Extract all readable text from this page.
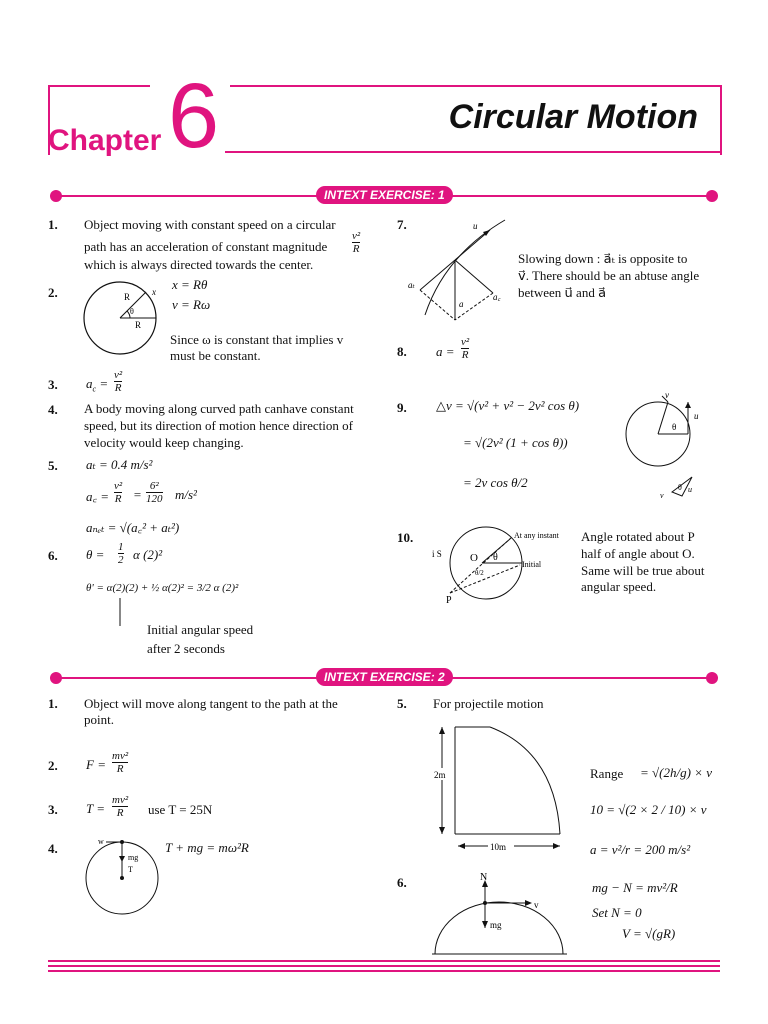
Chapter 6	Circular Motion
INTEXT EXERCISE: 1
1. Object moving with constant speed on a circular
path has an acceleration of constant magnitude $\frac{\text{v²}}{R}$
which is always directed towards the center.
2.	R
R
x
θ
x = Rθ
v = Rω
Since ω is constant that implies v
must be constant.
3. $a_c = \frac{\text{v²}}{R}$
4. A body moving along curved path canhave constant
speed, but its direction of motion hence direction of
velocity would keep changing.
5. aₜ = 0.4 m/s²
a꜀ = $\frac{\text{v²}}{R} = \frac{\text{6²}}{120} m/s^2$
aₙₑₜ = √(a꜀² + aₜ²)
6. $\theta = \frac{1}{2}$ α (2)²
θ' = α(2)(2) + ½ α(2)² = 3/2 α (2)²
Initial angular speed
after 2 seconds
7.	u
aₜ
a
a꜀
Slowing down : a⃗ₜ is opposite to
v⃗. There should be an abtuse angle
between u⃗ and a⃗
8. $a = \frac{\text{v²}}{R}$
9. △v = √(v² + v² − 2v² cos θ)
= √(2v² (1 + cos θ))
= 2v cos θ/2
v
u
θ
v
u
θ
10.	At any instant
Initial
i S	O θ
θ/2
P
Angle rotated about P
half of angle about O.
Same will be true about
angular speed.
INTEXT EXERCISE: 2
1. Object will move along tangent to the path at the
point.
2. $F = \frac{\text{mv²}}{R}$
3. $T = \frac{\text{mv²}}{R}$ use T = 25N
4.	T + mg = mω²R
w
mg
T
5. For projectile motion
2m
10m
Range = √(2h/g) × v
10 = √(2 × 2 / 10) × v
a = v²/r = 200 m/s²
6.	N
v
mg
mg − N = mv²/R
Set N = 0
V = √(gR)
